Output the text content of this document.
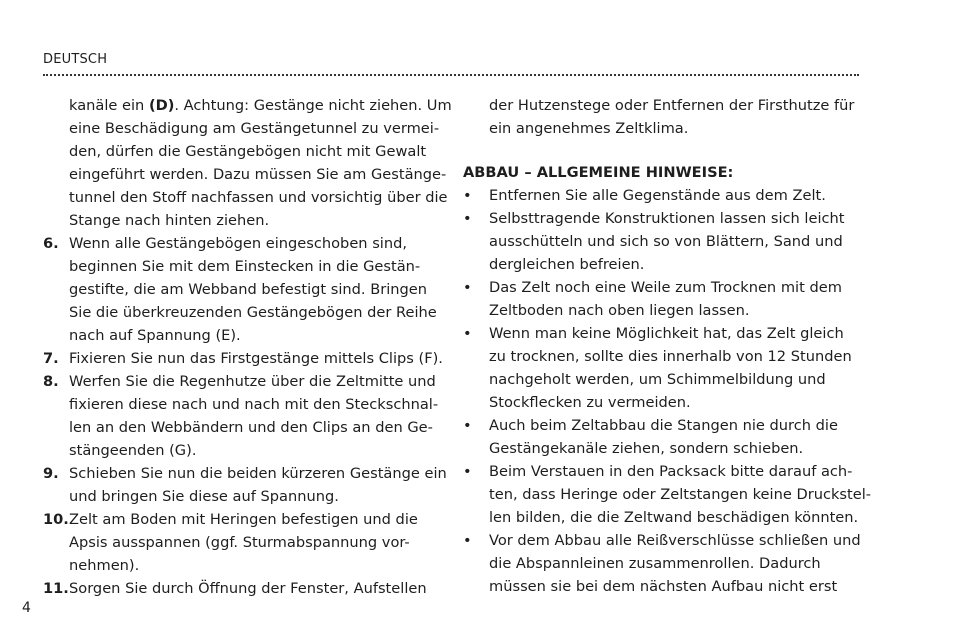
DEUTSCH
kanäle ein (D). Achtung: Gestänge nicht ziehen. Um
eine Beschädigung am Gestängetunnel zu vermei-
den, dürfen die Gestängebögen nicht mit Gewalt
eingeführt werden. Dazu müssen Sie am Gestänge-
tunnel den Stoff nachfassen und vorsichtig über die
Stange nach hinten ziehen.
6. Wenn alle Gestängebögen eingeschoben sind,
beginnen Sie mit dem Einstecken in die Gestän-
gestifte, die am Webband befestigt sind. Bringen
Sie die überkreuzenden Gestängebögen der Reihe
nach auf Spannung (E).
7. Fixieren Sie nun das Firstgestänge mittels Clips (F).
8. Werfen Sie die Regenhutze über die Zeltmitte und
fixieren diese nach und nach mit den Steckschnal-
len an den Webbändern und den Clips an den Ge-
stängeenden (G).
9. Schieben Sie nun die beiden kürzeren Gestänge ein
und bringen Sie diese auf Spannung.
10. Zelt am Boden mit Heringen befestigen und die
Apsis ausspannen (ggf. Sturmabspannung vor-
nehmen).
11. Sorgen Sie durch Öffnung der Fenster, Aufstellen
der Hutzenstege oder Entfernen der Firsthutze für
ein angenehmes Zeltklima.
ABBAU – ALLGEMEINE HINWEISE:
• Entfernen Sie alle Gegenstände aus dem Zelt.
• Selbsttragende Konstruktionen lassen sich leicht
ausschütteln und sich so von Blättern, Sand und
dergleichen befreien.
• Das Zelt noch eine Weile zum Trocknen mit dem
Zeltboden nach oben liegen lassen.
• Wenn man keine Möglichkeit hat, das Zelt gleich
zu trocknen, sollte dies innerhalb von 12 Stunden
nachgeholt werden, um Schimmelbildung und
Stockflecken zu vermeiden.
• Auch beim Zeltabbau die Stangen nie durch die
Gestängekanäle ziehen, sondern schieben.
• Beim Verstauen in den Packsack bitte darauf ach-
ten, dass Heringe oder Zeltstangen keine Druckstel-
len bilden, die die Zeltwand beschädigen könnten.
• Vor dem Abbau alle Reißverschlüsse schließen und
die Abspannleinen zusammenrollen. Dadurch
müssen sie bei dem nächsten Aufbau nicht erst
4
